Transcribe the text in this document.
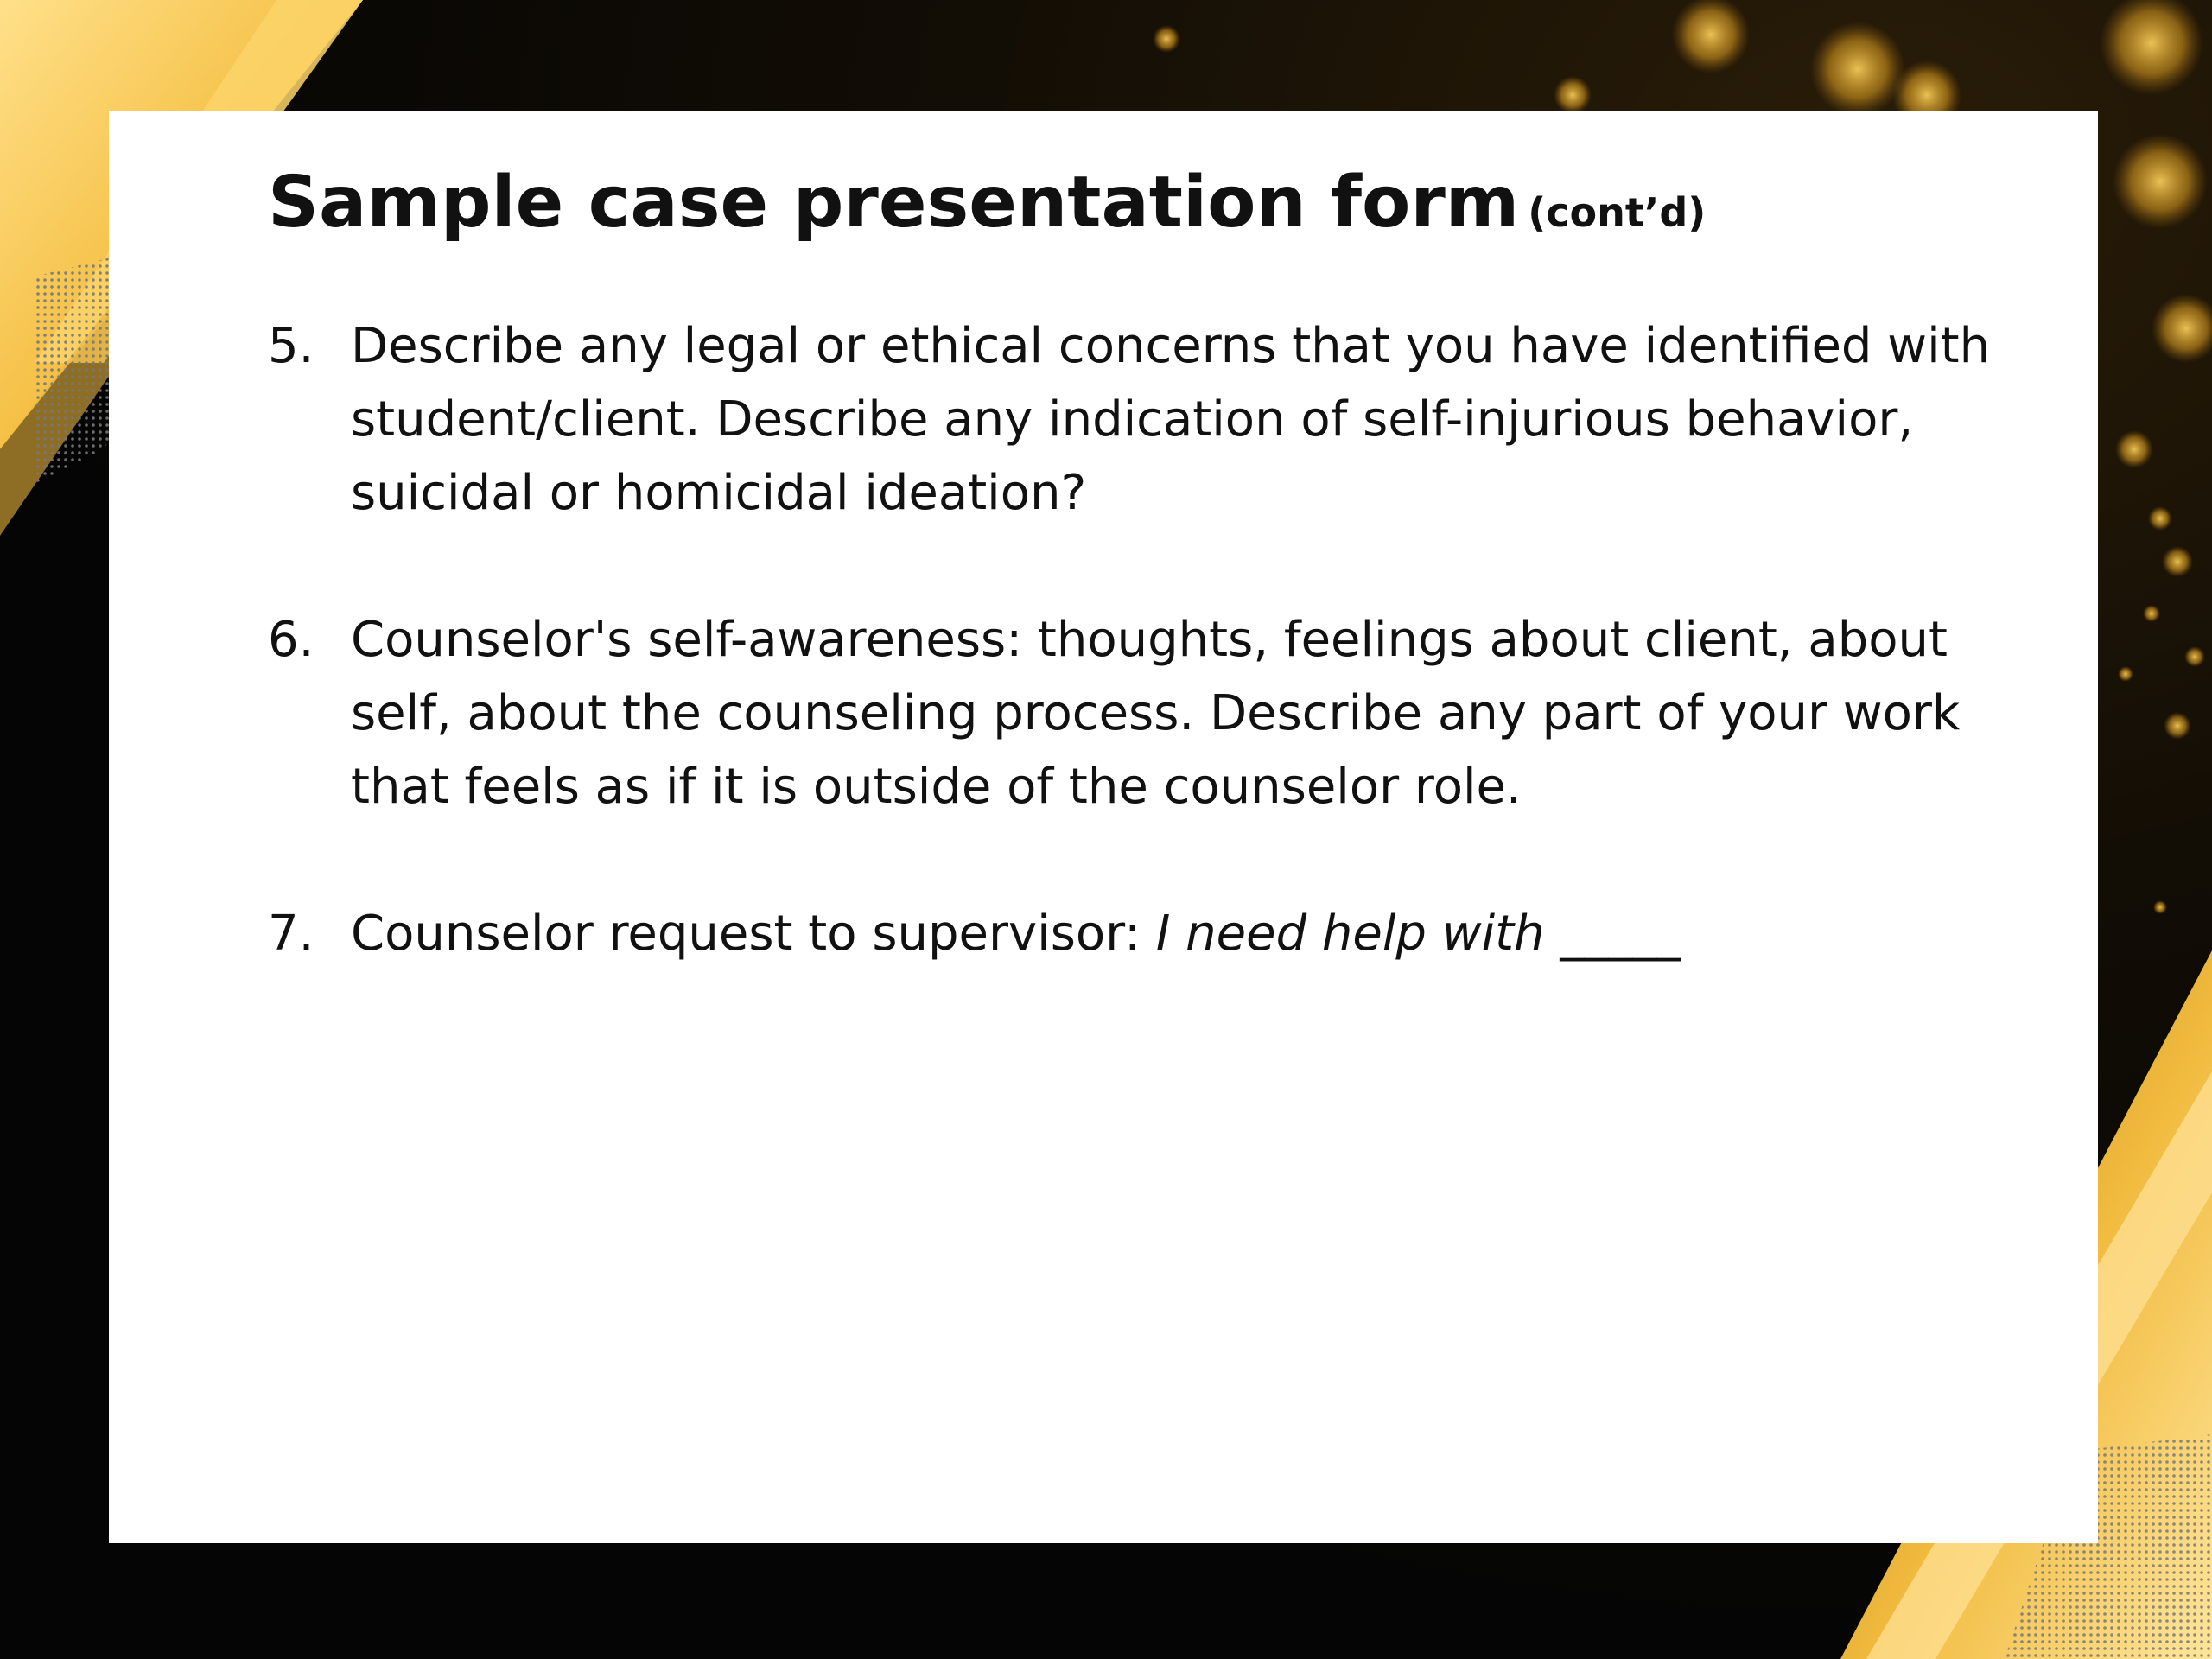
Sample case presentation form (cont’d)
5. Describe any legal or ethical concerns that you have identified with student/client. Describe any indication of self-injurious behavior, suicidal or homicidal ideation?
6. Counselor's self-awareness: thoughts, feelings about client, about self, about the counseling process. Describe any part of your work that feels as if it is outside of the counselor role.
7. Counselor request to supervisor: I need help with _____
